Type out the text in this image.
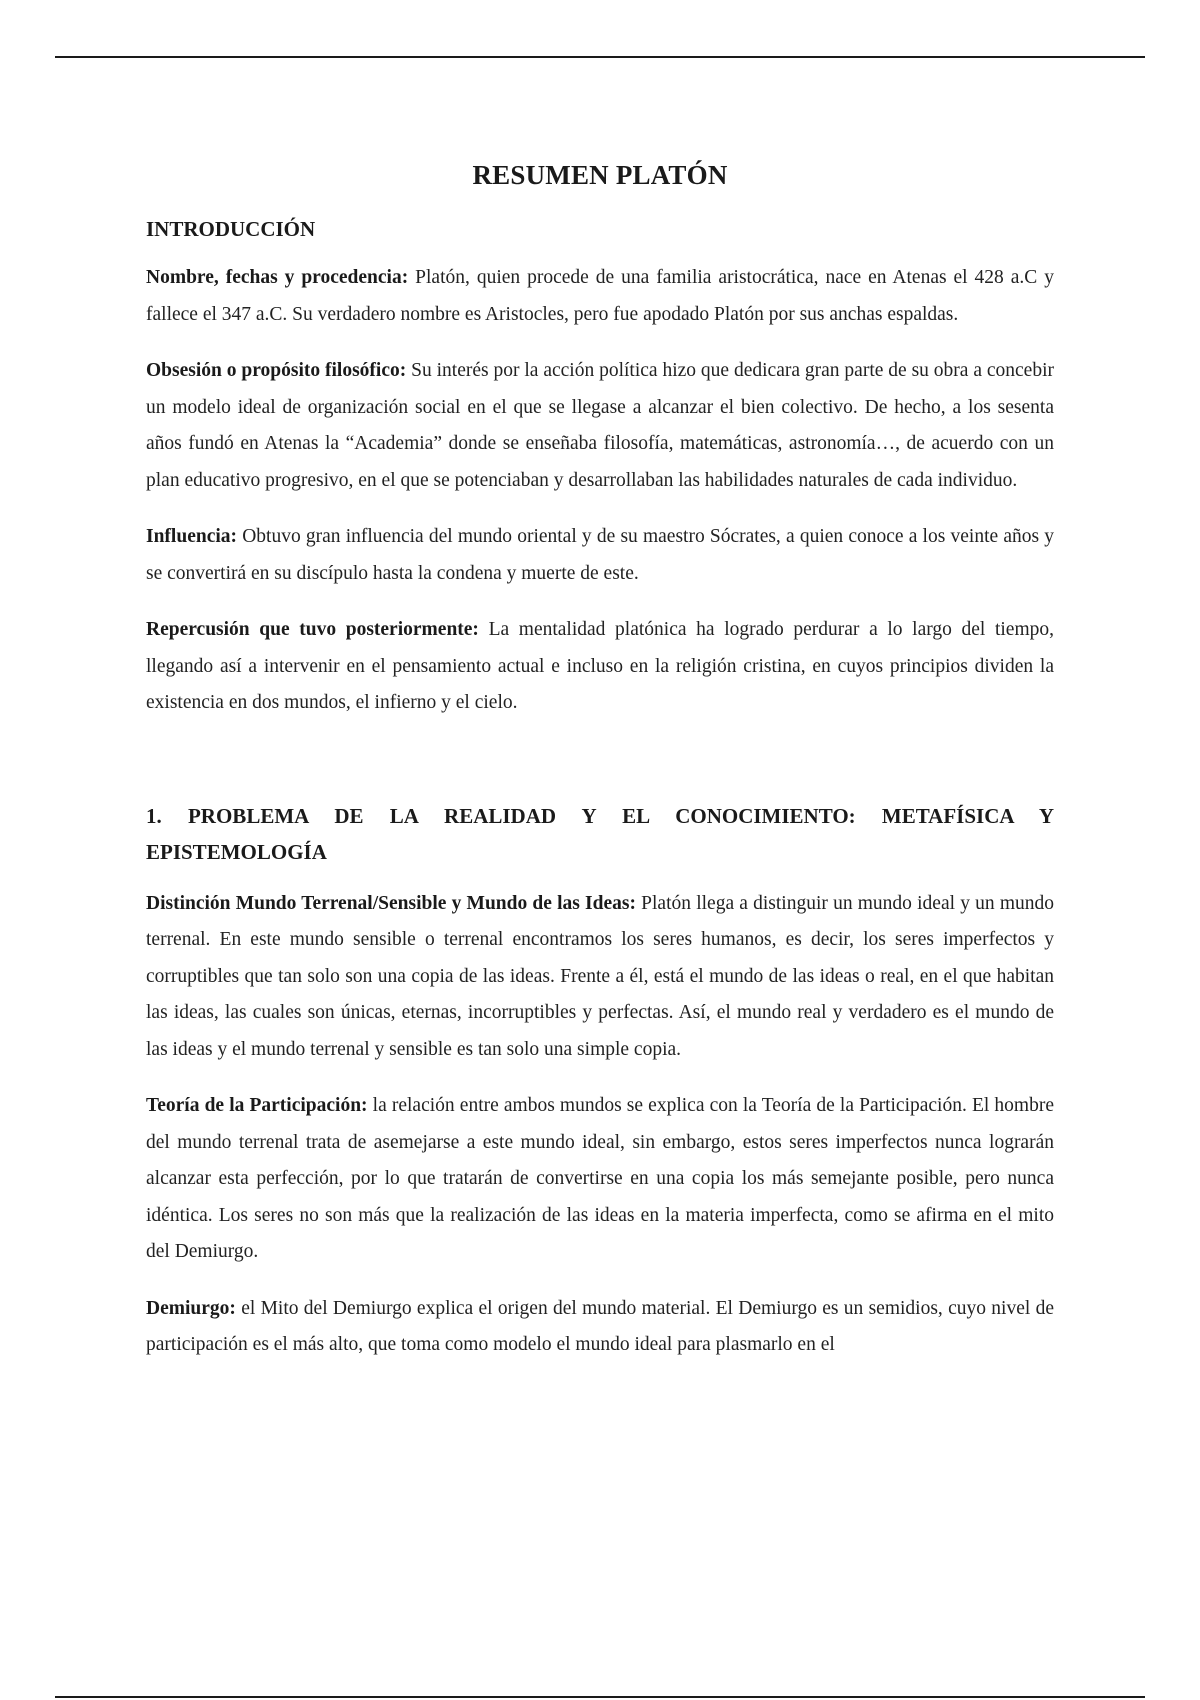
RESUMEN PLATÓN
INTRODUCCIÓN

Nombre, fechas y procedencia: Platón, quien procede de una familia aristocrática, nace en Atenas el 428 a.C y fallece el 347 a.C. Su verdadero nombre es Aristocles, pero fue apodado Platón por sus anchas espaldas.

Obsesión o propósito filosófico: Su interés por la acción política hizo que dedicara gran parte de su obra a concebir un modelo ideal de organización social en el que se llegase a alcanzar el bien colectivo. De hecho, a los sesenta años fundó en Atenas la “Academia” donde se enseñaba filosofía, matemáticas, astronomía…, de acuerdo con un plan educativo progresivo, en el que se potenciaban y desarrollaban las habilidades naturales de cada individuo.

Influencia: Obtuvo gran influencia del mundo oriental y de su maestro Sócrates, a quien conoce a los veinte años y se convertirá en su discípulo hasta la condena y muerte de este.

Repercusión que tuvo posteriormente: La mentalidad platónica ha logrado perdurar a lo largo del tiempo, llegando así a intervenir en el pensamiento actual e incluso en la religión cristina, en cuyos principios dividen la existencia en dos mundos, el infierno y el cielo.

1. PROBLEMA DE LA REALIDAD Y EL CONOCIMIENTO: METAFÍSICA Y EPISTEMOLOGÍA

Distinción Mundo Terrenal/Sensible y Mundo de las Ideas: Platón llega a distinguir un mundo ideal y un mundo terrenal. En este mundo sensible o terrenal encontramos los seres humanos, es decir, los seres imperfectos y corruptibles que tan solo son una copia de las ideas. Frente a él, está el mundo de las ideas o real, en el que habitan las ideas, las cuales son únicas, eternas, incorruptibles y perfectas. Así, el mundo real y verdadero es el mundo de las ideas y el mundo terrenal y sensible es tan solo una simple copia.

Teoría de la Participación: la relación entre ambos mundos se explica con la Teoría de la Participación. El hombre del mundo terrenal trata de asemejarse a este mundo ideal, sin embargo, estos seres imperfectos nunca lograrán alcanzar esta perfección, por lo que tratarán de convertirse en una copia los más semejante posible, pero nunca idéntica. Los seres no son más que la realización de las ideas en la materia imperfecta, como se afirma en el mito del Demiurgo.

Demiurgo: el Mito del Demiurgo explica el origen del mundo material. El Demiurgo es un semidios, cuyo nivel de participación es el más alto, que toma como modelo el mundo ideal para plasmarlo en el
